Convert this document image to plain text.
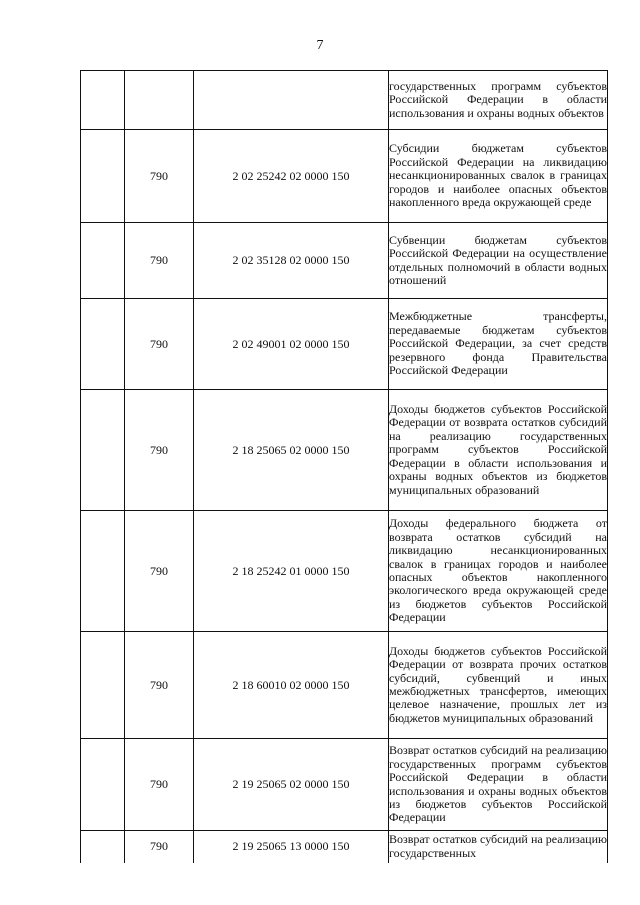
7
			государственных программ субъектов Российской Федерации в области использования и охраны водных объектов
	790	2 02 25242 02 0000 150	Субсидии бюджетам субъектов Российской Федерации на ликвидацию несанкционированных свалок в границах городов и наиболее опасных объектов накопленного вреда окружающей среде
	790	2 02 35128 02 0000 150	Субвенции бюджетам субъектов Российской Федерации на осуществление отдельных полномочий в области водных отношений
	790	2 02 49001 02 0000 150	Межбюджетные трансферты, передаваемые бюджетам субъектов Российской Федерации, за счет средств резервного фонда Правительства Российской Федерации
	790	2 18 25065 02 0000 150	Доходы бюджетов субъектов Российской Федерации от возврата остатков субсидий на реализацию государственных программ субъектов Российской Федерации в области использования и охраны водных объектов из бюджетов муниципальных образований
	790	2 18 25242 01 0000 150	Доходы федерального бюджета от возврата остатков субсидий на ликвидацию несанкционированных свалок в границах городов и наиболее опасных объектов накопленного экологического вреда окружающей среде из бюджетов субъектов Российской Федерации
	790	2 18 60010 02 0000 150	Доходы бюджетов субъектов Российской Федерации от возврата прочих остатков субсидий, субвенций и иных межбюджетных трансфертов, имеющих целевое назначение, прошлых лет из бюджетов муниципальных образований
	790	2 19 25065 02 0000 150	Возврат остатков субсидий на реализацию государственных программ субъектов Российской Федерации в области использования и охраны водных объектов из бюджетов субъектов Российской Федерации
	790	2 19 25065 13 0000 150	Возврат остатков субсидий на реализацию государственных
